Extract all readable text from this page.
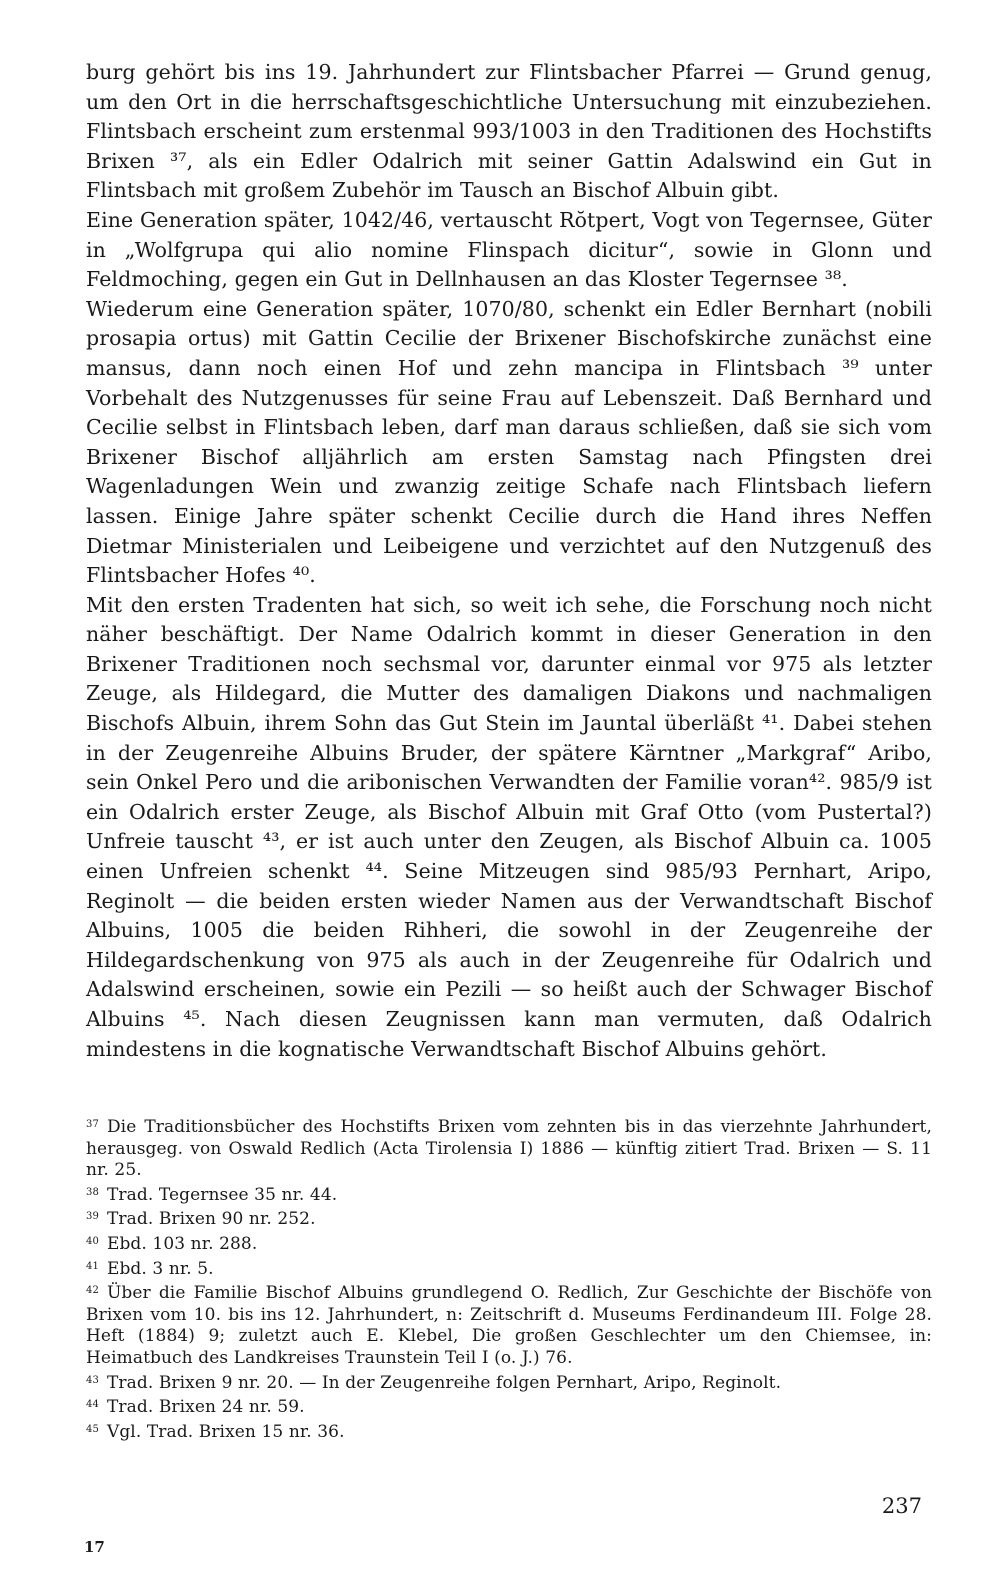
burg gehört bis ins 19. Jahrhundert zur Flintsbacher Pfarrei — Grund genug, um den Ort in die herrschaftsgeschichtliche Untersuchung mit einzubeziehen. Flintsbach erscheint zum erstenmal 993/1003 in den Traditionen des Hochstifts Brixen ³⁷, als ein Edler Odalrich mit seiner Gattin Adalswind ein Gut in Flintsbach mit großem Zubehör im Tausch an Bischof Albuin gibt.

Eine Generation später, 1042/46, vertauscht Rŏtpert, Vogt von Tegernsee, Güter in „Wolfgrupa qui alio nomine Flinspach dicitur“, sowie in Glonn und Feldmoching, gegen ein Gut in Dellnhausen an das Kloster Tegernsee ³⁸.

Wiederum eine Generation später, 1070/80, schenkt ein Edler Bernhart (nobili prosapia ortus) mit Gattin Cecilie der Brixener Bischofskirche zunächst eine mansus, dann noch einen Hof und zehn mancipa in Flintsbach ³⁹ unter Vorbehalt des Nutzgenusses für seine Frau auf Lebenszeit. Daß Bernhard und Cecilie selbst in Flintsbach leben, darf man daraus schließen, daß sie sich vom Brixener Bischof alljährlich am ersten Samstag nach Pfingsten drei Wagenladungen Wein und zwanzig zeitige Schafe nach Flintsbach liefern lassen. Einige Jahre später schenkt Cecilie durch die Hand ihres Neffen Dietmar Ministerialen und Leibeigene und verzichtet auf den Nutzgenuß des Flintsbacher Hofes ⁴⁰.

Mit den ersten Tradenten hat sich, so weit ich sehe, die Forschung noch nicht näher beschäftigt. Der Name Odalrich kommt in dieser Generation in den Brixener Traditionen noch sechsmal vor, darunter einmal vor 975 als letzter Zeuge, als Hildegard, die Mutter des damaligen Diakons und nachmaligen Bischofs Albuin, ihrem Sohn das Gut Stein im Jauntal überläßt ⁴¹. Dabei stehen in der Zeugenreihe Albuins Bruder, der spätere Kärntner „Markgraf“ Aribo, sein Onkel Pero und die aribonischen Verwandten der Familie voran⁴². 985/9 ist ein Odalrich erster Zeuge, als Bischof Albuin mit Graf Otto (vom Pustertal?) Unfreie tauscht ⁴³, er ist auch unter den Zeugen, als Bischof Albuin ca. 1005 einen Unfreien schenkt ⁴⁴. Seine Mitzeugen sind 985/93 Pernhart, Aripo, Reginolt — die beiden ersten wieder Namen aus der Verwandtschaft Bischof Albuins, 1005 die beiden Rihheri, die sowohl in der Zeugenreihe der Hildegardschenkung von 975 als auch in der Zeugenreihe für Odalrich und Adalswind erscheinen, sowie ein Pezili — so heißt auch der Schwager Bischof Albuins ⁴⁵. Nach diesen Zeugnissen kann man vermuten, daß Odalrich mindestens in die kognatische Verwandtschaft Bischof Albuins gehört.

$^{37}$ Die Traditionsbücher des Hochstifts Brixen vom zehnten bis in das vierzehnte Jahrhundert, herausgeg. von Oswald Redlich (Acta Tirolensia I) 1886 — künftig zitiert Trad. Brixen — S. 11 nr. 25.

$^{38}$ Trad. Tegernsee 35 nr. 44.

$^{39}$ Trad. Brixen 90 nr. 252.

$^{40}$ Ebd. 103 nr. 288.

$^{41}$ Ebd. 3 nr. 5.

$^{42}$ Über die Familie Bischof Albuins grundlegend O. Redlich, Zur Geschichte der Bischöfe von Brixen vom 10. bis ins 12. Jahrhundert, n: Zeitschrift d. Museums Ferdinandeum III. Folge 28. Heft (1884) 9; zuletzt auch E. Klebel, Die großen Geschlechter um den Chiemsee, in: Heimatbuch des Landkreises Traunstein Teil I (o. J.) 76.

$^{43}$ Trad. Brixen 9 nr. 20. — In der Zeugenreihe folgen Pernhart, Aripo, Reginolt.

$^{44}$ Trad. Brixen 24 nr. 59.

$^{45}$ Vgl. Trad. Brixen 15 nr. 36.

237
17
